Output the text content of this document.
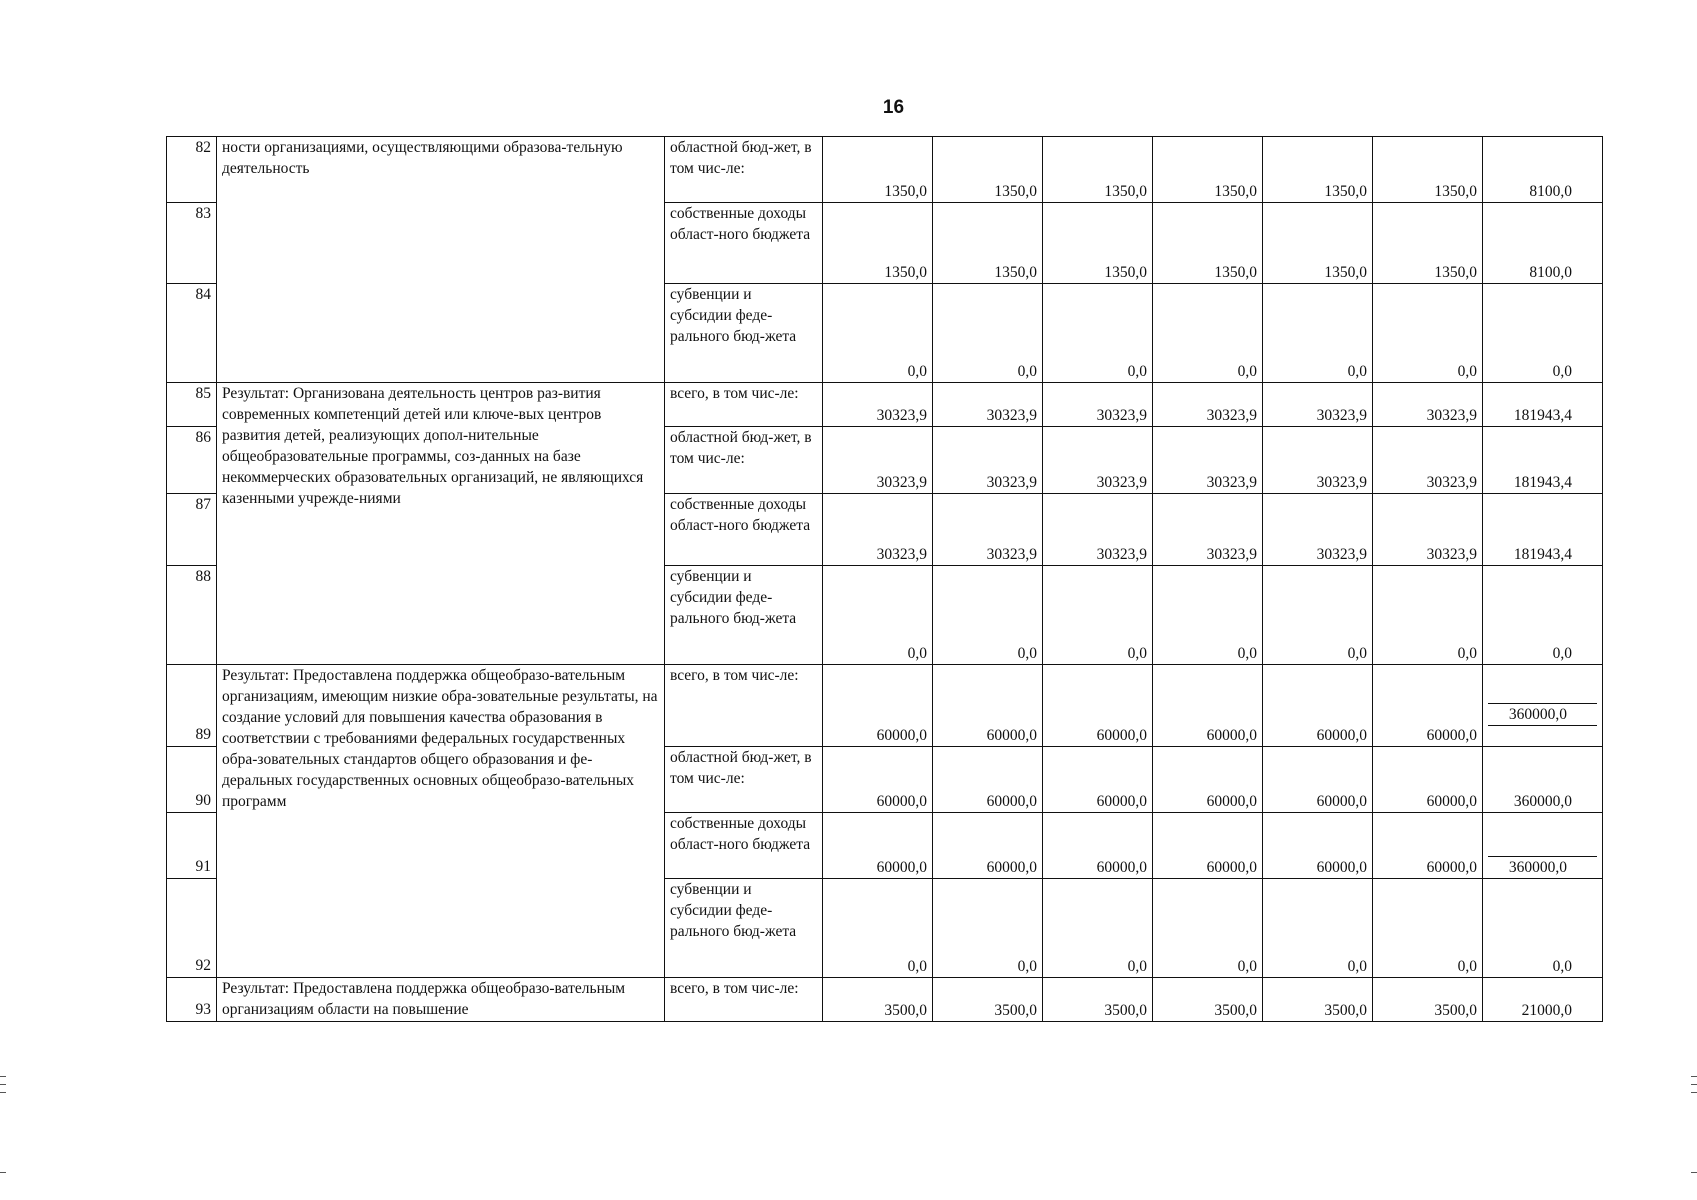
16
82	ности организациями, осуществляющими образова-тельную деятельность	областной бюд-жет, в том чис-ле:	1350,0	1350,0	1350,0	1350,0	1350,0	1350,0	8100,0
83		собственные доходы област-ного бюджета	1350,0	1350,0	1350,0	1350,0	1350,0	1350,0	8100,0
84		субвенции и субсидии феде-рального бюд-жета	0,0	0,0	0,0	0,0	0,0	0,0	0,0
85	Результат: Организована деятельность центров раз-вития современных компетенций детей или ключе-вых центров развития детей, реализующих допол-нительные общеобразовательные программы, соз-данных на базе некоммерческих образовательных организаций, не являющихся казенными учрежде-ниями	всего, в том чис-ле:	30323,9	30323,9	30323,9	30323,9	30323,9	30323,9	181943,4
86		областной бюд-жет, в том чис-ле:	30323,9	30323,9	30323,9	30323,9	30323,9	30323,9	181943,4
87		собственные доходы област-ного бюджета	30323,9	30323,9	30323,9	30323,9	30323,9	30323,9	181943,4
88		субвенции и субсидии феде-рального бюд-жета	0,0	0,0	0,0	0,0	0,0	0,0	0,0
89	Результат: Предоставлена поддержка общеобразо-вательным организациям, имеющим низкие обра-зовательные результаты, на создание условий для повышения качества образования в соответствии с требованиями федеральных государственных обра-зовательных стандартов общего образования и фе-деральных государственных основных общеобразо-вательных программ	всего, в том чис-ле:	60000,0	60000,0	60000,0	60000,0	60000,0	60000,0	360000,0

90		областной бюд-жет, в том чис-ле:	60000,0	60000,0	60000,0	60000,0	60000,0	60000,0	360000,0
91		собственные доходы област-ного бюджета	60000,0	60000,0	60000,0	60000,0	60000,0	60000,0	360000,0

92		субвенции и субсидии феде-рального бюд-жета	0,0	0,0	0,0	0,0	0,0	0,0	0,0
93	Результат: Предоставлена поддержка общеобразо-вательным организациям области на повышение	всего, в том чис-ле:	3500,0	3500,0	3500,0	3500,0	3500,0	3500,0	21000,0
